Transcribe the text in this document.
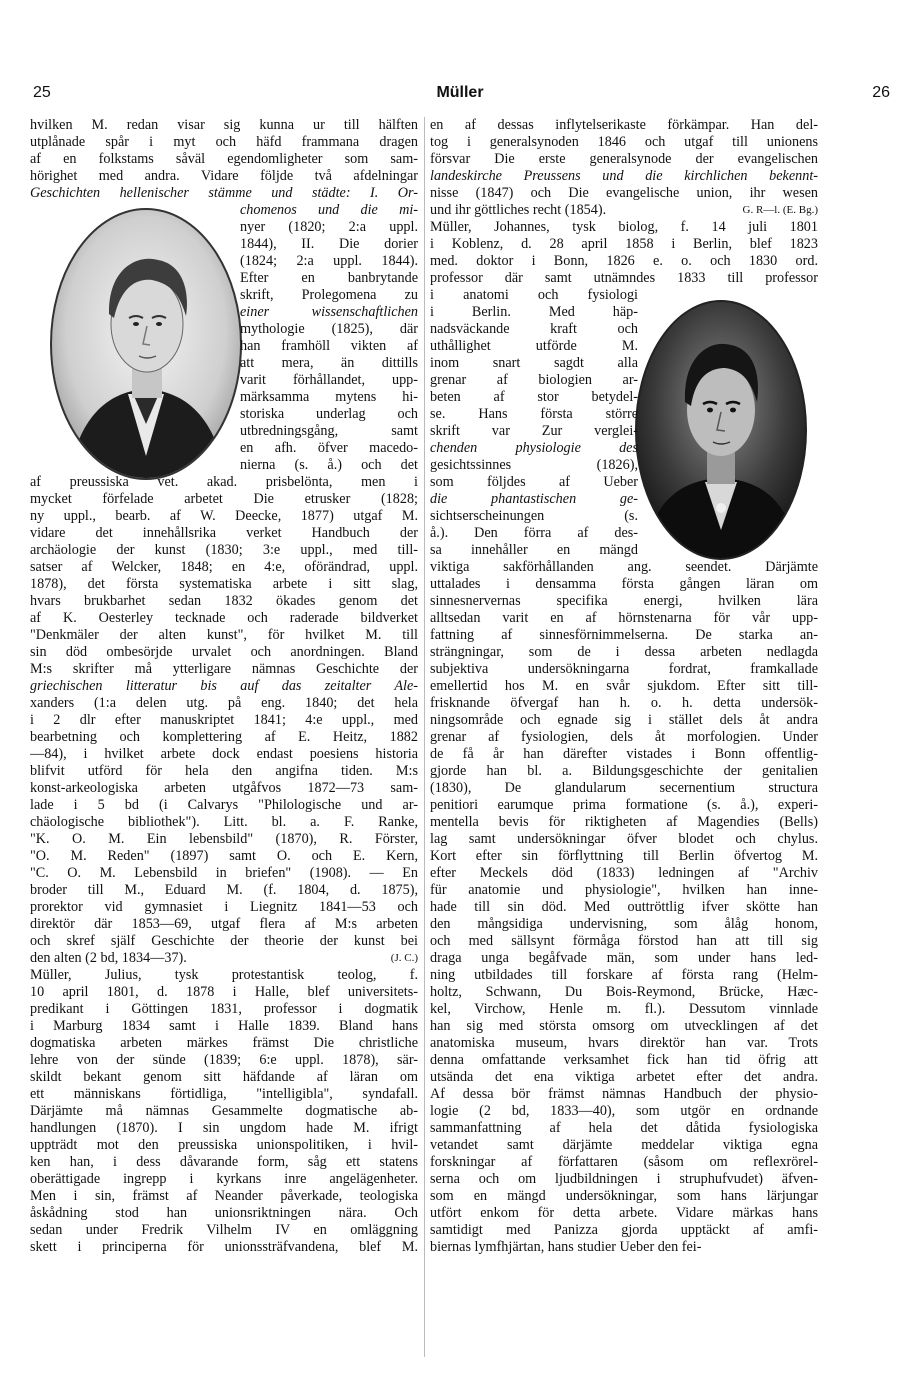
25	Müller	26
hvilken M. redan visar sig kunna ur till hälften
utplånade spår i myt och häfd frammana dragen
af en folkstams såväl egendomligheter som sam-
hörighet med andra. Vidare följde två afdelningar
Geschichten hellenischer stämme und städte: I. Or-
chomenos und die mi-
nyer (1820; 2:a uppl.
1844), II. Die dorier
(1824; 2:a uppl. 1844).
Efter en banbrytande
skrift, Prolegomena zu
einer wissenschaftlichen
mythologie (1825), där
han framhöll vikten af
att mera, än dittills
varit förhållandet, upp-
märksamma mytens hi-
storiska underlag och
utbredningsgång, samt
en afh. öfver macedo-
nierna (s. å.) och det
af preussiska vet. akad. prisbelönta, men i
mycket förfelade arbetet Die etrusker (1828;
ny uppl., bearb. af W. Deecke, 1877) utgaf M.
vidare det innehållsrika verket Handbuch der
archäologie der kunst (1830; 3:e uppl., med till-
satser af Welcker, 1848; en 4:e, oförändrad, uppl.
1878), det första systematiska arbete i sitt slag,
hvars brukbarhet sedan 1832 ökades genom det
af K. Oesterley tecknade och raderade bildverket
"Denkmäler der alten kunst", för hvilket M. till
sin död ombesörjde urvalet och anordningen. Bland
M:s skrifter må ytterligare nämnas Geschichte der
griechischen litteratur bis auf das zeitalter Ale-
xanders (1:a delen utg. på eng. 1840; det hela
i 2 dlr efter manuskriptet 1841; 4:e uppl., med
bearbetning och komplettering af E. Heitz, 1882
—84), i hvilket arbete dock endast poesiens historia
blifvit utförd för hela den angifna tiden. M:s
konst-arkeologiska arbeten utgåfvos 1872—73 sam-
lade i 5 bd (i Calvarys "Philologische und ar-
chäologische bibliothek"). Litt. bl. a. F. Ranke,
"K. O. M. Ein lebensbild" (1870), R. Förster,
"O. M. Reden" (1897) samt O. och E. Kern,
"C. O. M. Lebensbild in briefen" (1908). — En
broder till M., Eduard M. (f. 1804, d. 1875),
prorektor vid gymnasiet i Liegnitz 1841—53 och
direktör där 1853—69, utgaf flera af M:s arbeten
och skref själf Geschichte der theorie der kunst bei
den alten (2 bd, 1834—37).	(J. C.)
Müller, Julius, tysk protestantisk teolog, f.
10 april 1801, d. 1878 i Halle, blef universitets-
predikant i Göttingen 1831, professor i dogmatik
i Marburg 1834 samt i Halle 1839. Bland hans
dogmatiska arbeten märkes främst Die christliche
lehre von der sünde (1839; 6:e uppl. 1878), sär-
skildt bekant genom sitt häfdande af läran om
ett människans förtidliga, "intelligibla", syndafall.
Därjämte må nämnas Gesammelte dogmatische ab-
handlungen (1870). I sin ungdom hade M. ifrigt
uppträdt mot den preussiska unionspolitiken, i hvil-
ken han, i dess dåvarande form, såg ett statens
oberättigade ingrepp i kyrkans inre angelägenheter.
Men i sin, främst af Neander påverkade, teologiska
åskådning stod han unionsriktningen nära. Och
sedan under Fredrik Vilhelm IV en omläggning
skett i principerna för unionssträfvandena, blef M.
en af dessas inflytelserikaste förkämpar. Han del-
tog i generalsynoden 1846 och utgaf till unionens
försvar Die erste generalsynode der evangelischen
landeskirche Preussens und die kirchlichen bekennt-
nisse (1847) och Die evangelische union, ihr wesen
und ihr göttliches recht (1854).	G. R—l. (E. Bg.)
Müller, Johannes, tysk biolog, f. 14 juli 1801
i Koblenz, d. 28 april 1858 i Berlin, blef 1823
med. doktor i Bonn, 1826 e. o. och 1830 ord.
professor där samt utnämndes 1833 till professor
i anatomi och fysiologi
i Berlin. Med häp-
nadsväckande kraft och
uthållighet utförde M.
inom snart sagdt alla
grenar af biologien ar-
beten af stor betydel-
se. Hans första större
skrift var Zur verglei-
chenden physiologie des
gesichtssinnes (1826),
som följdes af Ueber
die phantastischen ge-
sichtserscheinungen (s.
å.). Den förra af des-
sa innehåller en mängd
viktiga sakförhållanden ang. seendet. Därjämte
uttalades i densamma första gången läran om
sinnesnervernas specifika energi, hvilken lära
alltsedan varit en af hörnstenarna för vår upp-
fattning af sinnesförnimmelserna. De starka an-
strängningar, som de i dessa arbeten nedlagda
subjektiva undersökningarna fordrat, framkallade
emellertid hos M. en svår sjukdom. Efter sitt till-
frisknande öfvergaf han h. o. h. detta undersök-
ningsområde och egnade sig i stället dels åt andra
grenar af fysiologien, dels åt morfologien. Under
de få år han därefter vistades i Bonn offentlig-
gjorde han bl. a. Bildungsgeschichte der genitalien
(1830), De glandularum secernentium structura
penitiori earumque prima formatione (s. å.), experi-
mentella bevis för riktigheten af Magendies (Bells)
lag samt undersökningar öfver blodet och chylus.
Kort efter sin förflyttning till Berlin öfvertog M.
efter Meckels död (1833) ledningen af "Archiv
für anatomie und physiologie", hvilken han inne-
hade till sin död. Med outtröttlig ifver skötte han
den mångsidiga undervisning, som ålåg honom,
och med sällsynt förmåga förstod han att till sig
draga unga begåfvade män, som under hans led-
ning utbildades till forskare af första rang (Helm-
holtz, Schwann, Du Bois-Reymond, Brücke, Hæc-
kel, Virchow, Henle m. fl.). Dessutom vinnlade
han sig med största omsorg om utvecklingen af det
anatomiska museum, hvars direktör han var. Trots
denna omfattande verksamhet fick han tid öfrig att
utsända det ena viktiga arbetet efter det andra.
Af dessa bör främst nämnas Handbuch der physio-
logie (2 bd, 1833—40), som utgör en ordnande
sammanfattning af hela det dåtida fysiologiska
vetandet samt därjämte meddelar viktiga egna
forskningar af författaren (såsom om reflexrörel-
serna och om ljudbildningen i struphufvudet) äfven-
som en mängd undersökningar, som hans lärjungar
utfört enkom för detta arbete. Vidare märkas hans
samtidigt med Panizza gjorda upptäckt af amfi-
biernas lymfhjärtan, hans studier Ueber den fei-
